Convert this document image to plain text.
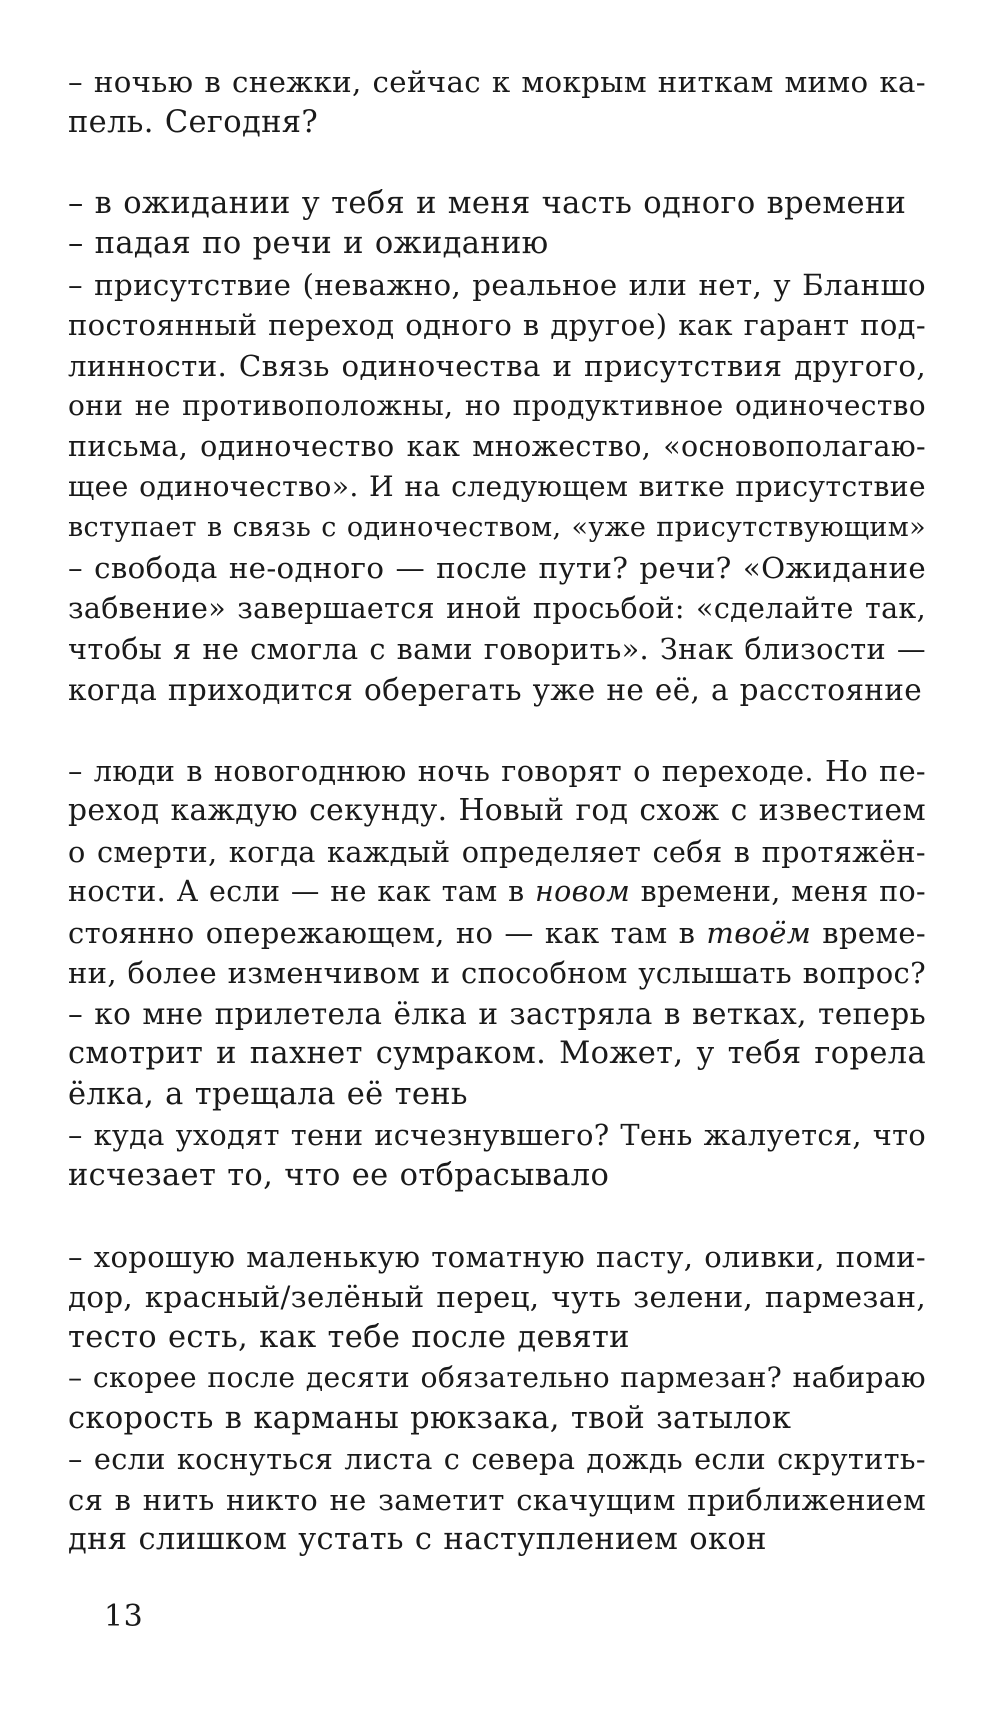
– ночью в снежки, сейчас к мокрым ниткам мимо ка-
пель. Сегодня?
– в ожидании у тебя и меня часть одного времени
– падая по речи и ожиданию
– присутствие (неважно, реальное или нет, у Бланшо
постоянный переход одного в другое) как гарант под-
линности. Связь одиночества и присутствия другого,
они не противоположны, но продуктивное одиночество
письма, одиночество как множество, «основополагаю-
щее одиночество». И на следующем витке присутствие
вступает в связь с одиночеством, «уже присутствующим»
– свобода не-одного — после пути? речи? «Ожидание
забвение» завершается иной просьбой: «сделайте так,
чтобы я не смогла с вами говорить». Знак близости —
когда приходится оберегать уже не её, а расстояние
– люди в новогоднюю ночь говорят о переходе. Но пе-
реход каждую секунду. Новый год схож с известием
о смерти, когда каждый определяет себя в протяжён-
ности. А если — не как там в новом времени, меня по-
стоянно опережающем, но — как там в твоём време-
ни, более изменчивом и способном услышать вопрос?
– ко мне прилетела ёлка и застряла в ветках, теперь
смотрит и пахнет сумраком. Может, у тебя горела
ёлка, а трещала её тень
– куда уходят тени исчезнувшего? Тень жалуется, что
исчезает то, что ее отбрасывало
– хорошую маленькую томатную пасту, оливки, поми-
дор, красный/зелёный перец, чуть зелени, пармезан,
тесто есть, как тебе после девяти
– скорее после десяти обязательно пармезан? набираю
скорость в карманы рюкзака, твой затылок
– если коснуться листа с севера дождь если скрутить-
ся в нить никто не заметит скачущим приближением
дня слишком устать с наступлением окон
13
